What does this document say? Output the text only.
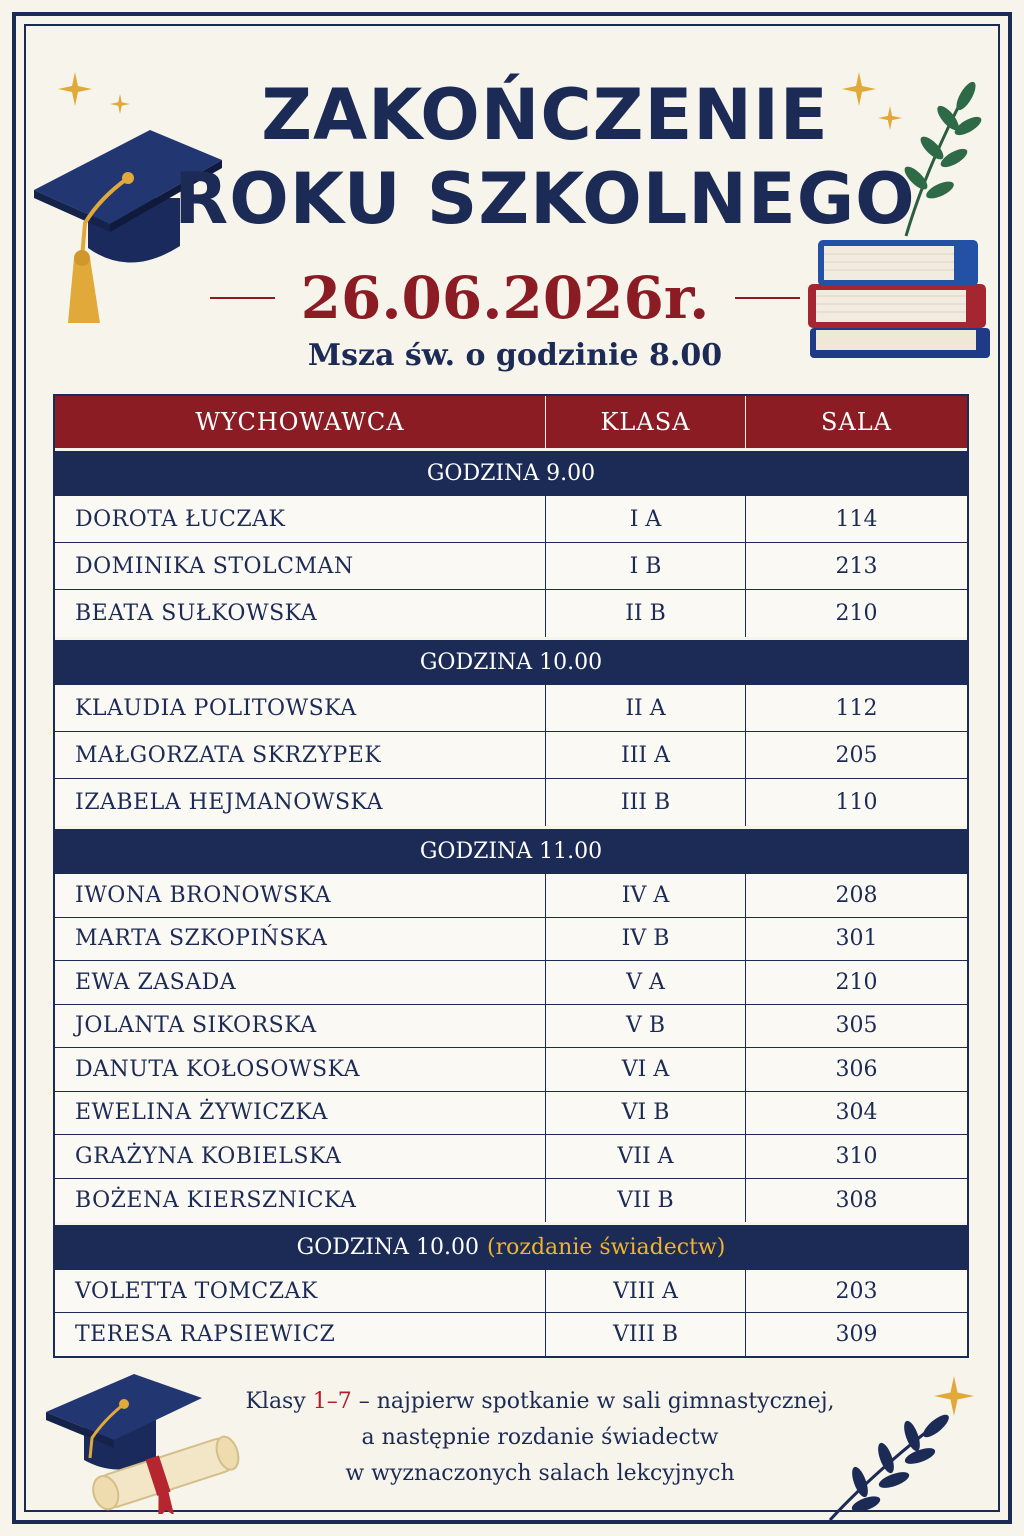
ZAKOŃCZENIE
ROKU SZKOLNEGO
26.06.2026r.
Msza św. o godzinie 8.00
WYCHOWAWCA	KLASA	SALA
GODZINA 9.00
DOROTA ŁUCZAK	I A	114
DOMINIKA STOLCMAN	I B	213
BEATA SUŁKOWSKA	II B	210
GODZINA 10.00
KLAUDIA POLITOWSKA	II A	112
MAŁGORZATA SKRZYPEK	III A	205
IZABELA HEJMANOWSKA	III B	110
GODZINA 11.00
IWONA BRONOWSKA	IV A	208
MARTA SZKOPIŃSKA	IV B	301
EWA ZASADA	V A	210
JOLANTA SIKORSKA	V B	305
DANUTA KOŁOSOWSKA	VI A	306
EWELINA ŻYWICZKA	VI B	304
GRAŻYNA KOBIELSKA	VII A	310
BOŻENA KIERSZNICKA	VII B	308
GODZINA 10.00 (rozdanie świadectw)
VOLETTA TOMCZAK	VIII A	203
TERESA RAPSIEWICZ	VIII B	309
Klasy 1–7 – najpierw spotkanie w sali gimnastycznej,
a następnie rozdanie świadectw
w wyznaczonych salach lekcyjnych
